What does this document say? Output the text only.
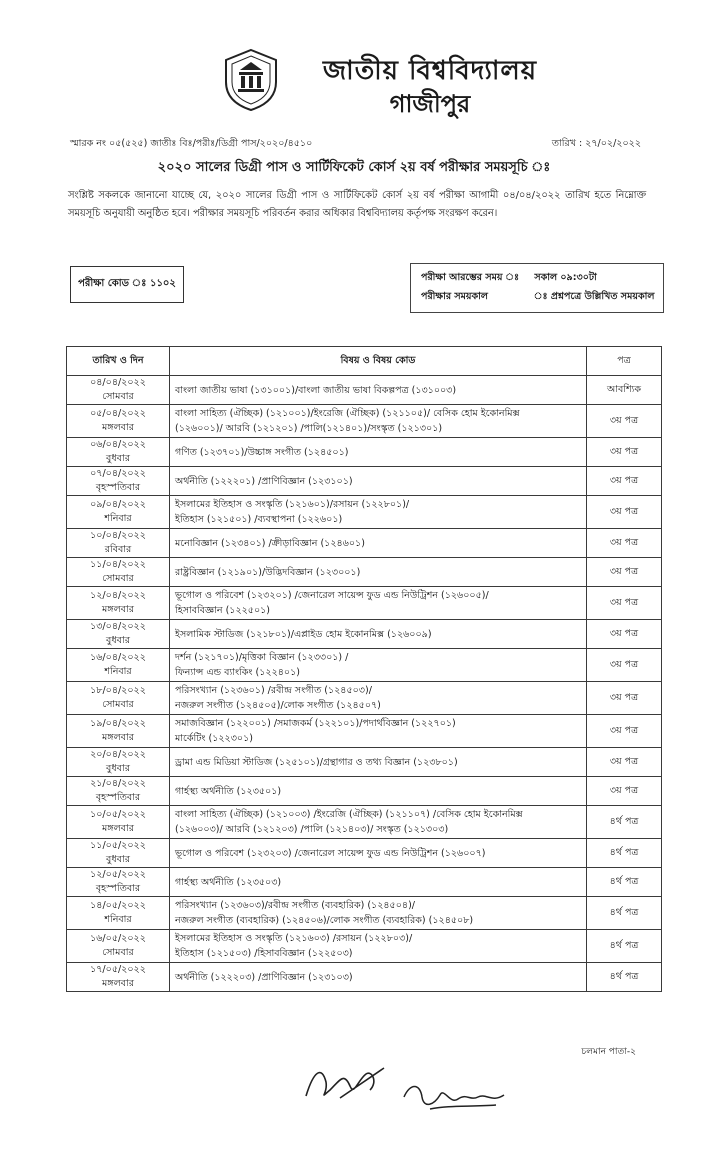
জাতীয় বিশ্ববিদ্যালয়
গাজীপুর
স্মারক নং ০৫(৫২৫) জাতীঃ বিঃ/পরীঃ/ডিগ্রী পাস/২০২০/৪৫১০	তারিখ : ২৭/০২/২০২২
২০২০ সালের ডিগ্রী পাস ও সার্টিফিকেট কোর্স ২য় বর্ষ পরীক্ষার সময়সূচি ঃ
সংশ্লিষ্ট সকলকে জানানো যাচ্ছে যে, ২০২০ সালের ডিগ্রী পাস ও সার্টিফিকেট কোর্স ২য় বর্ষ পরীক্ষা আগামী ০৪/০৪/২০২২ তারিখ হতে নিম্নোক্ত সময়সূচি অনুযায়ী অনুষ্ঠিত হবে। পরীক্ষার সময়সূচি পরিবর্তন করার অধিকার বিশ্ববিদ্যালয় কর্তৃপক্ষ সংরক্ষণ করেন।
পরীক্ষা কোড ঃ ১১০২
পরীক্ষা আরম্ভের সময় ঃ সকাল ০৯:৩০টা
পরীক্ষার সময়কাল	ঃ প্রশ্নপত্রে উল্লিখিত সময়কাল
তারিখ ও দিন	বিষয় ও বিষয় কোড	পত্র

০৪/০৪/২০২২
সোমবার	বাংলা জাতীয় ভাষা (১৩১০০১)/বাংলা জাতীয় ভাষা বিকল্পপত্র (১৩১০০৩)	আবশ্যিক

০৫/০৪/২০২২
মঙ্গলবার	বাংলা সাহিত্য (ঐচ্ছিক) (১২১০০১)/ইংরেজি (ঐচ্ছিক) (১২১১০৫)/ বেসিক হোম ইকোনমিক্স
(১২৬০০১)/ আরবি (১২১২০১) /পালি(১২১৪০১)/সংস্কৃত (১২১৩০১)	৩য় পত্র

০৬/০৪/২০২২
বুধবার	গণিত (১২৩৭০১)/উচ্চাঙ্গ সংগীত (১২৪৫০১)	৩য় পত্র

০৭/০৪/২০২২
বৃহস্পতিবার	অর্থনীতি (১২২২০১) /প্রাণিবিজ্ঞান (১২৩১০১)	৩য় পত্র

০৯/০৪/২০২২
শনিবার	ইসলামের ইতিহাস ও সংস্কৃতি (১২১৬০১)/রসায়ন (১২২৮০১)/
ইতিহাস (১২১৫০১) /ব্যবস্থাপনা (১২২৬০১)	৩য় পত্র

১০/০৪/২০২২
রবিবার	মনোবিজ্ঞান (১২৩৪০১) /ক্রীড়াবিজ্ঞান (১২৪৬০১)	৩য় পত্র

১১/০৪/২০২২
সোমবার	রাষ্ট্রবিজ্ঞান (১২১৯০১)/উদ্ভিদবিজ্ঞান (১২৩০০১)	৩য় পত্র

১২/০৪/২০২২
মঙ্গলবার	ভূগোল ও পরিবেশ (১২৩২০১) /জেনারেল সায়েন্স ফুড এন্ড নিউট্রিশন (১২৬০০৫)/
হিসাববিজ্ঞান (১২২৫০১)	৩য় পত্র

১৩/০৪/২০২২
বুধবার	ইসলামিক স্টাডিজ (১২১৮০১)/এপ্লাইড হোম ইকোনমিক্স (১২৬০০৯)	৩য় পত্র

১৬/০৪/২০২২
শনিবার	দর্শন (১২১৭০১)/মৃত্তিকা বিজ্ঞান (১২৩৩০১) /
ফিন্যান্স এন্ড ব্যাংকিং (১২২৪০১)	৩য় পত্র

১৮/০৪/২০২২
সোমবার	পরিসংখ্যান (১২৩৬০১) /রবীন্দ্র সংগীত (১২৪৫০৩)/
নজরুল সংগীত (১২৪৫০৫)/লোক সংগীত (১২৪৫০৭)	৩য় পত্র

১৯/০৪/২০২২
মঙ্গলবার	সমাজবিজ্ঞান (১২২০০১) /সমাজকর্ম (১২২১০১)/পদার্থবিজ্ঞান (১২২৭০১)
মার্কেটিং (১২২৩০১)	৩য় পত্র

২০/০৪/২০২২
বুধবার	ড্রামা এন্ড মিডিয়া স্টাডিজ (১২৫১০১)/গ্রন্থাগার ও তথ্য বিজ্ঞান (১২৩৮০১)	৩য় পত্র

২১/০৪/২০২২
বৃহস্পতিবার	গার্হস্থ্য অর্থনীতি (১২৩৫০১)	৩য় পত্র

১০/০৫/২০২২
মঙ্গলবার	বাংলা সাহিত্য (ঐচ্ছিক) (১২১০০৩) /ইংরেজি (ঐচ্ছিক) (১২১১০৭) /বেসিক হোম ইকোনমিক্স
(১২৬০০৩)/ আরবি (১২১২০৩) /পালি (১২১৪০৩)/ সংস্কৃত (১২১৩০৩)	৪র্থ পত্র

১১/০৫/২০২২
বুধবার	ভূগোল ও পরিবেশ (১২৩২০৩) /জেনারেল সায়েন্স ফুড এন্ড নিউট্রিশন (১২৬০০৭)	৪র্থ পত্র

১২/০৫/২০২২
বৃহস্পতিবার	গার্হস্থ্য অর্থনীতি (১২৩৫০৩)	৪র্থ পত্র

১৪/০৫/২০২২
শনিবার	পরিসংখ্যান (১২৩৬০৩)/রবীন্দ্র সংগীত (ব্যবহারিক) (১২৪৫০৪)/
নজরুল সংগীত (ব্যবহারিক) (১২৪৫০৬)/লোক সংগীত (ব্যবহারিক) (১২৪৫০৮)	৪র্থ পত্র

১৬/০৫/২০২২
সোমবার	ইসলামের ইতিহাস ও সংস্কৃতি (১২১৬০৩) /রসায়ন (১২২৮০৩)/
ইতিহাস (১২১৫০৩) /হিসাববিজ্ঞান (১২২৫০৩)	৪র্থ পত্র

১৭/০৫/২০২২
মঙ্গলবার	অর্থনীতি (১২২২০৩) /প্রাণিবিজ্ঞান (১২৩১০৩)	৪র্থ পত্র
চলমান পাতা-২
